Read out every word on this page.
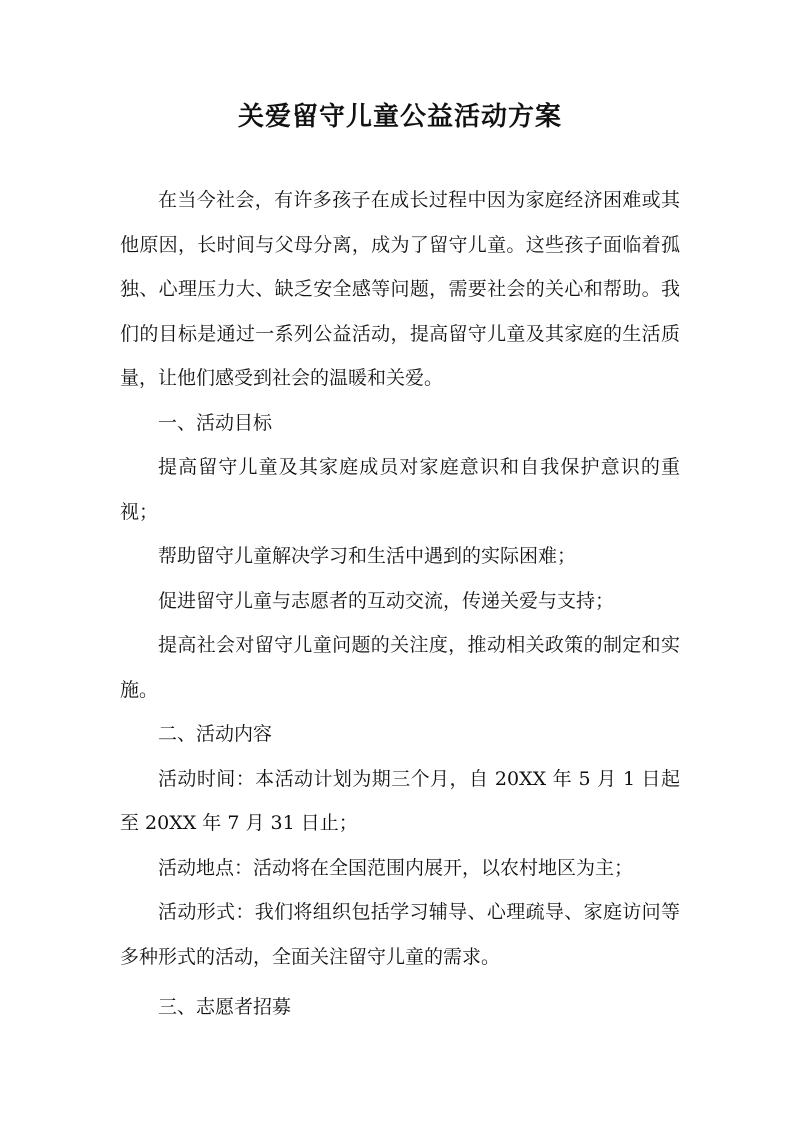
关爱留守儿童公益活动方案

在当今社会，有许多孩子在成长过程中因为家庭经济困难或其他原因，长时间与父母分离，成为了留守儿童。这些孩子面临着孤独、心理压力大、缺乏安全感等问题，需要社会的关心和帮助。我们的目标是通过一系列公益活动，提高留守儿童及其家庭的生活质量，让他们感受到社会的温暖和关爱。

一、活动目标

提高留守儿童及其家庭成员对家庭意识和自我保护意识的重视；

帮助留守儿童解决学习和生活中遇到的实际困难；

促进留守儿童与志愿者的互动交流，传递关爱与支持；

提高社会对留守儿童问题的关注度，推动相关政策的制定和实施。

二、活动内容

活动时间：本活动计划为期三个月，自 20XX 年 5 月 1 日起至 20XX 年 7 月 31 日止；

活动地点：活动将在全国范围内展开，以农村地区为主；

活动形式：我们将组织包括学习辅导、心理疏导、家庭访问等多种形式的活动，全面关注留守儿童的需求。

三、志愿者招募
